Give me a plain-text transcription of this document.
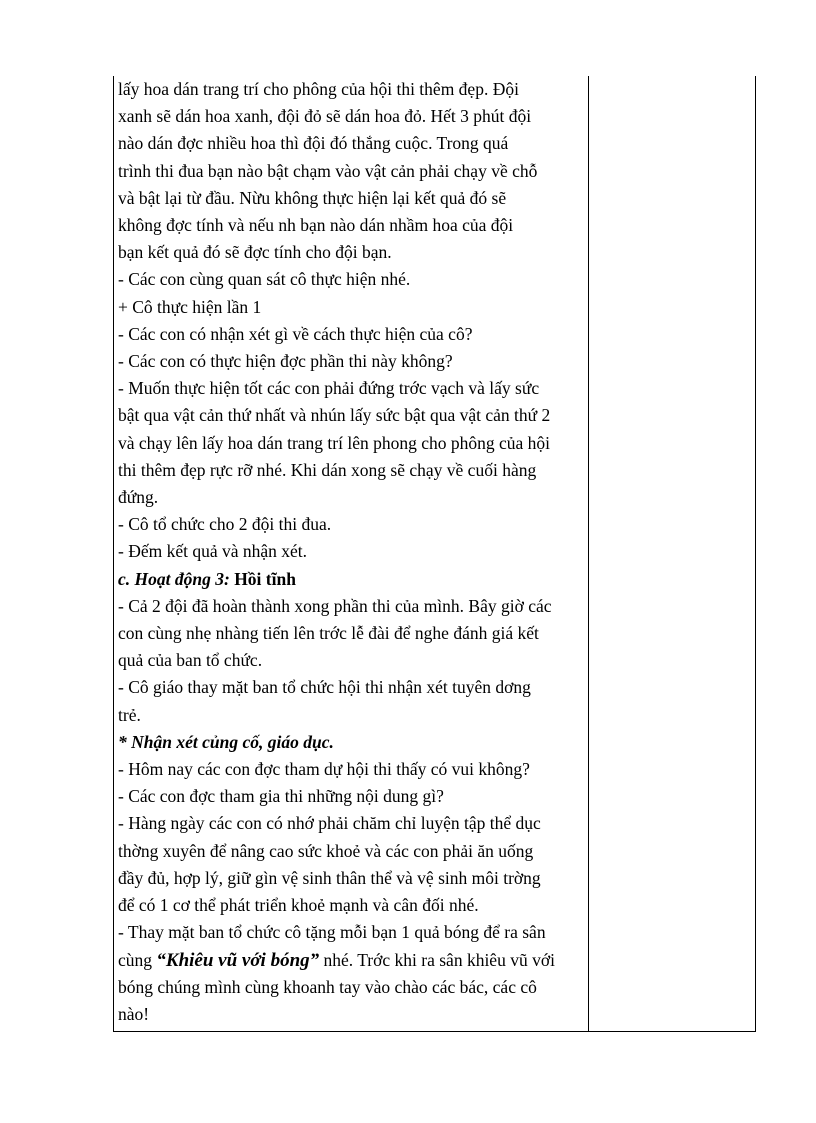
lấy hoa dán trang trí cho phông của hội thi thêm đẹp. Đội
xanh sẽ dán hoa xanh, đội đỏ sẽ dán hoa đỏ. Hết 3 phút đội
nào dán đợc nhiều hoa thì đội đó thắng cuộc. Trong quá
trình thi đua bạn nào bật chạm vào vật cản phải chạy về chỗ
và bật lại từ đầu. Nừu không thực hiện lại kết quả đó sẽ
không đợc tính và nếu nh bạn nào dán nhầm hoa của đội
bạn kết quả đó sẽ đợc tính cho đội bạn.

- Các con cùng quan sát cô thực hiện nhé.

+ Cô thực hiện lần 1

- Các con có nhận xét gì về cách thực hiện của cô?

- Các con có thực hiện đợc phần thi này không?

- Muốn thực hiện tốt các con phải đứng trớc vạch và lấy sức
bật qua vật cản thứ nhất và nhún lấy sức bật qua vật cản thứ 2
và chạy lên lấy hoa dán trang trí lên phong cho phông của hội
thi thêm đẹp rực rỡ nhé. Khi dán xong sẽ chạy về cuối hàng
đứng.

- Cô tổ chức cho 2 đội thi đua.

- Đếm kết quả và nhận xét.

c. Hoạt động 3: Hồi tĩnh

- Cả 2 đội đã hoàn thành xong phần thi của mình. Bây giờ các
con cùng nhẹ nhàng tiến lên trớc lễ đài để nghe đánh giá kết
quả của ban tổ chức.

- Cô giáo thay mặt ban tổ chức hội thi nhận xét tuyên dơng
trẻ.

* Nhận xét củng cố, giáo dục.

- Hôm nay các con đợc tham dự hội thi thấy có vui không?

- Các con đợc tham gia thi những nội dung gì?

- Hàng ngày các con có nhớ phải chăm chỉ luyện tập thể dục
thờng xuyên để nâng cao sức khoẻ và các con phải ăn uống
đầy đủ, hợp lý, giữ gìn vệ sinh thân thể và vệ sinh môi trờng
để có 1 cơ thể phát triển khoẻ mạnh và cân đối nhé.

- Thay mặt ban tổ chức cô tặng mỗi bạn 1 quả bóng để ra sân
cùng “Khiêu vũ với bóng” nhé. Trớc khi ra sân khiêu vũ với
bóng chúng mình cùng khoanh tay vào chào các bác, các cô
nào!
